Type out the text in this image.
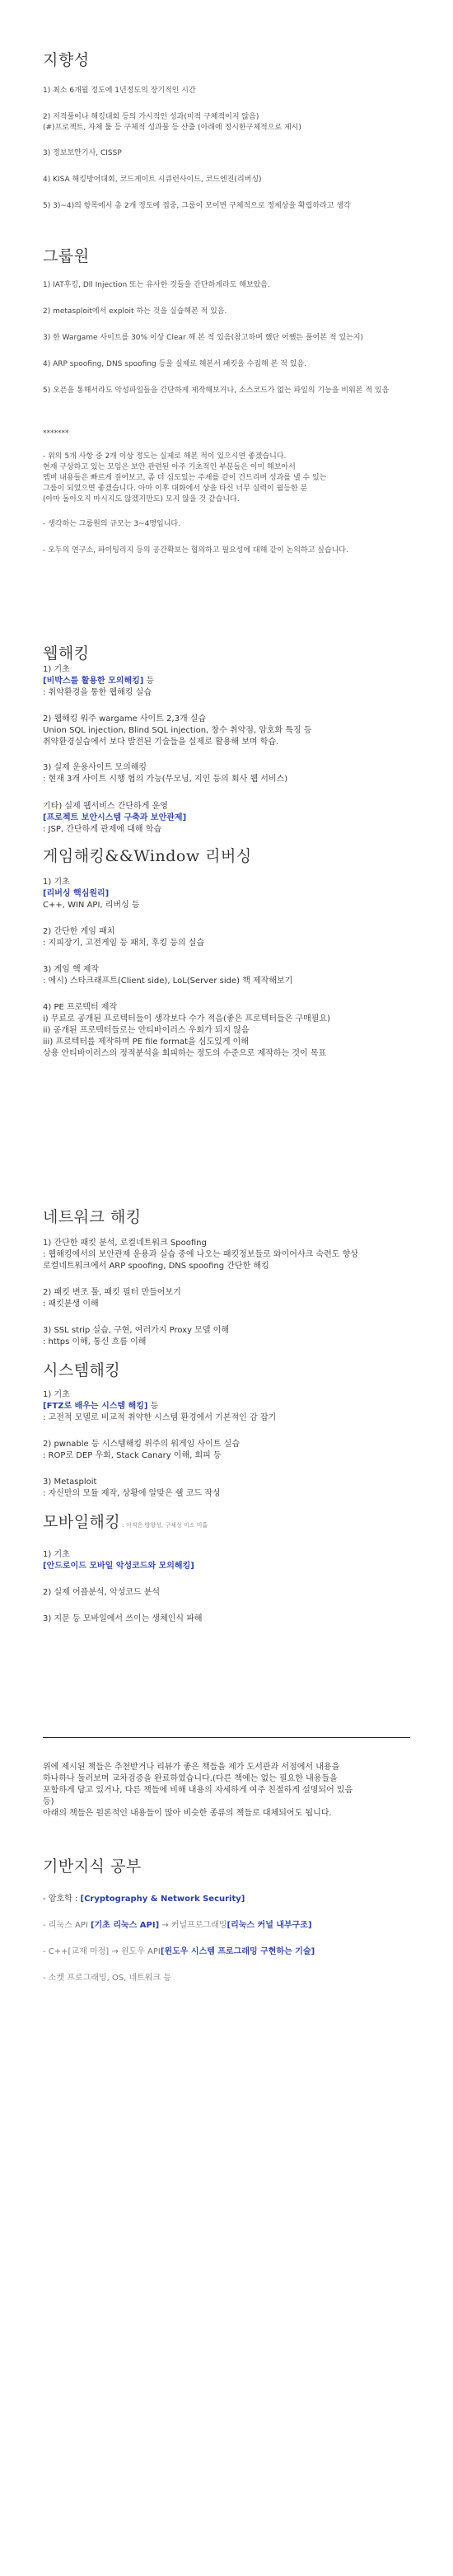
지향성
1) 최소 6개월 정도에 1년정도의 장기적인 시간
2) 저격풀이나 해킹대회 등의 가시적인 성과(미적 구체적이지 않음)
(#)프로젝트, 자체 툴 등 구체적 성과물 등 산출 (아래에 정시한구체적으로 제시)
3) 정보보안기사, CISSP
4) KISA 해킹방어대회, 코드게이트 시큐런사이드, 코드엔진(리버싱)
5) 3)~4)의 항목에서 총 2개 정도에 접중, 그룹이 모이면 구체적으로 정제상을 확립하라고 생각
그룹원
1) IAT후킹, Dll Injection 또는 유사한 것들을 간단하게라도 해보았음.
2) metasploit에서 exploit 하는 것을 실습해본 적 있음.
3) 한 Wargame 사이트를 30% 이상 Clear 해 본 적 있음(참고하며 했단 어쨌든 풀어본 적 있는지)
4) ARP spoofing, DNS spoofing 등을 실제로 해본서 패킷을 수집해 본 적 있음.
5) 오픈을 통해서라도 악성파일들을 간단하게 제작해보거나, 소스코드가 없는 파일의 기능을 비워본 적 있음
*******
- 위의 5개 사항 중 2개 이상 정도는 실제로 해본 적이 있으시면 좋겠습니다.
현재 구상하고 있는 모임은 보안 관련된 아주 기초적인 부분들은 이미 해보아서
멤버 내용들은 빠르게 짚어보고, 좀 더 심도있는 주제를 같이 건드리며 성과를 낼 수 있는
그룹이 되었으면 좋겠습니다. 아마 이후 대화에서 상을 타신 너무 실력이 월등한 분
(아마 돌아오지 마시지도 않겠지만도) 모지 않을 것 같습니다.
- 생각하는 그룹원의 규모는 3~4명입니다.
- 오두의 연구소, 파이팅리지 등의 공간확보는 협의하고 필요성에 대해 같이 논의하고 싶습니다.
웹해킹
1) 기초
[비박스를 활용한 모의해킹] 등
: 취약환경을 통한 웹해킹 실습
2) 웹해킹 워주 wargame 사이트 2,3개 실습
Union SQL injection, Blind SQL injection, 창수 취약점, 암호화 특징 등
취약환경실습에서 보다 발전된 기술들을 실제로 활용해 보며 학습.
3) 실제 운용사이트 모의해킹
: 현재 3개 사이트 시행 협의 가능(무모닝, 지인 등의 회사 웹 서비스)
기타) 실제 웹서비스 간단하게 운영
[프로젝트 보안시스템 구축과 보안관제]
: JSP, 간단하게 관제에 대해 학습
게임해킹&&Window 리버싱
1) 기초
[리버싱 핵심원리]
C++, WIN API, 리버싱 등
2) 간단한 게임 패치
: 지피장기, 고전게임 등 패치, 후킹 등의 실습
3) 게임 핵 제작
: 에시) 스타크래프트(Client side), LoL(Server side) 핵 제작해보기
4) PE 프로텍터 제작
i) 무료로 공개된 프로텍터들이 생각보다 수가 적음(좋은 프로텍터들은 구매필요)
ii) 공개된 프로텍터들로는 안티바이러스 우회가 되지 않음
iii) 프로텍터를 제작하며 PE file format을 심도있게 이해
상용 안티바이러스의 정적분석을 회피하는 정도의 수준으로 제작하는 것이 목표
네트워크 해킹
1) 간단한 패킷 분석, 로컬네트워크 Spoofing
: 웹해킹에서의 보안관제 운용과 실습 중에 나오는 패킷정보들로 와이어샤크 숙련도 향상
로컬네트워크에서 ARP spoofing, DNS spoofing 간단한 해킹
2) 패킷 변조 툴, 패킷 필터 만들어보기
: 패킷분생 이해
3) SSL strip 실습, 구현, 여러가지 Proxy 모델 이해
: https 이해, 통신 흐름 이해
시스템해킹
1) 기초
[FTZ로 배우는 시스템 해킹] 등
: 고전적 모델로 비교적 취약한 시스템 환경에서 기본적인 감 잡기
2) pwnable 등 시스템해킹 위주의 워게임 사이트 실습
: ROP로 DEP 우회, Stack Canary 이해, 회피 등
3) Metasploit
: 자신만의 모듈 제작, 상황에 알맞은 쉘 코드 작성
모바일해킹 : 아직은 방향성, 구체성 미소 미흡
1) 기초
[안드로이드 모바일 악성코드와 모의해킹]
2) 실제 어플분석, 악성코드 분석
3) 지문 등 모바일에서 쓰이는 생체인식 파해
위에 제시된 책들은 추천받거나 리뷰가 좋은 책들을 제가 도서관과 서점에서 내용을
하나하나 둘러보며 교차검증을 완료하였습니다.(다른 책에는 없는 필요한 내용들을
포함하게 담고 있거나, 다른 책들에 비해 내용의 자세하게 여주 친절하게 설명되어 있음
등)
아래의 책들은 원론적인 내용들이 많아 비슷한 종류의 책들로 대체되어도 됩니다.
기반지식 공부
- 암호학 : [Cryptography & Network Security]
- 리눅스 API [기초 리눅스 API] → 커널프로그래밍[리눅스 커널 내부구조]
- C++[교재 미정] → 윈도우 API[윈도우 시스템 프로그래밍 구현하는 기술]
- 소켓 프로그래밍, OS, 네트워크 등
